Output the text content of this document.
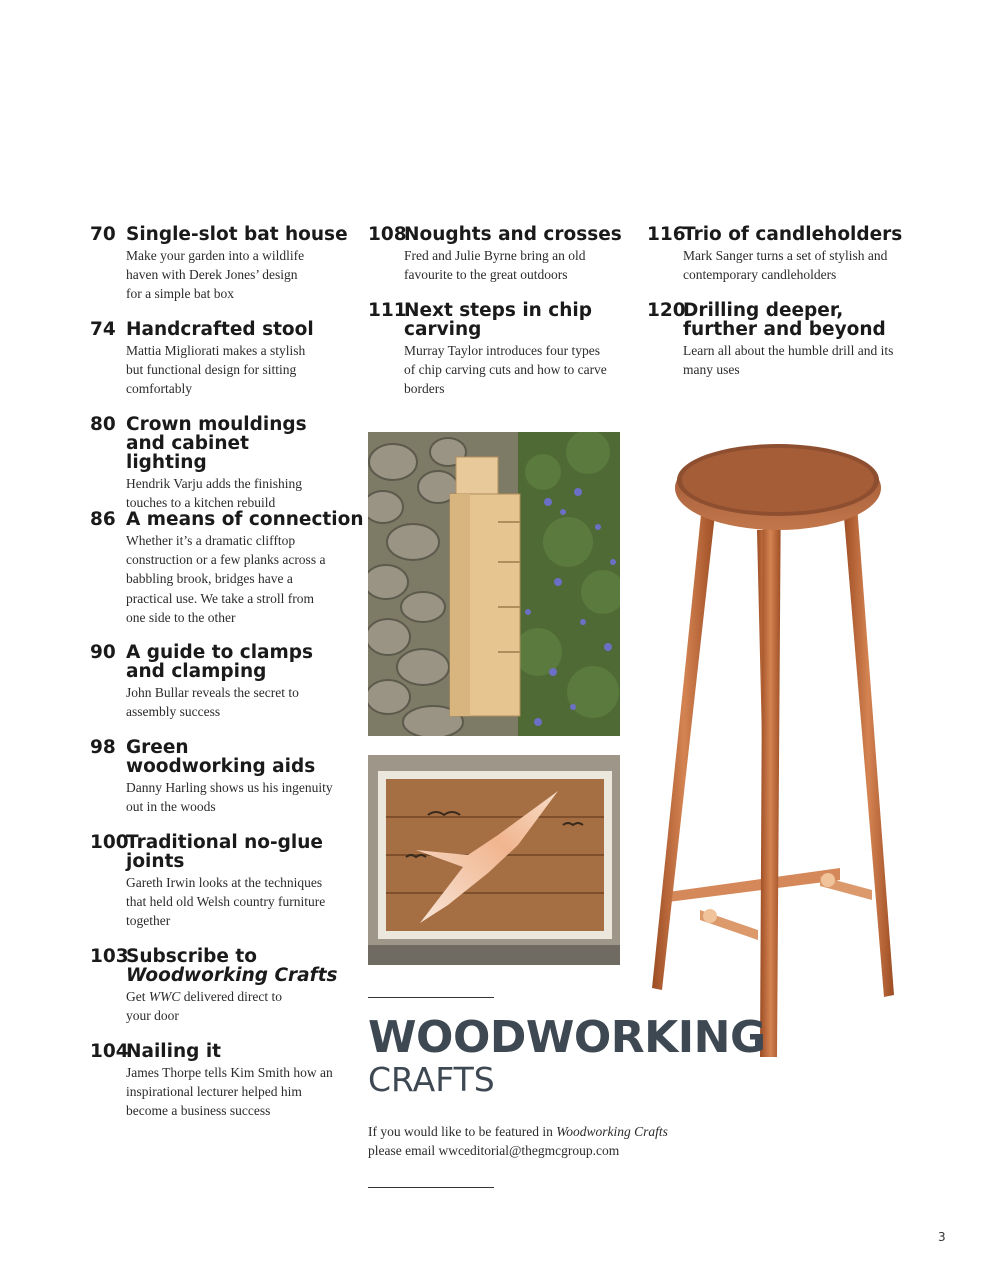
70 Single-slot bat house
Make your garden into a wildlife haven with Derek Jones’ design for a simple bat box
74 Handcrafted stool
Mattia Migliorati makes a stylish but functional design for sitting comfortably
80 Crown mouldings and cabinet lighting
Hendrik Varju adds the finishing touches to a kitchen rebuild
86 A means of connection
Whether it’s a dramatic clifftop construction or a few planks across a babbling brook, bridges have a practical use. We take a stroll from one side to the other
90 A guide to clamps and clamping
John Bullar reveals the secret to assembly success
98 Green woodworking aids
Danny Harling shows us his ingenuity out in the woods
100
Traditional no-glue joints
Gareth Irwin looks at the techniques that held old Welsh country furniture together
103
Subscribe to
Woodworking Crafts
Get WWC delivered direct to your door
104
Nailing it
James Thorpe tells Kim Smith how an inspirational lecturer helped him become a business success
108
Noughts and crosses
Fred and Julie Byrne bring an old favourite to the great outdoors
111
Next steps in chip carving
Murray Taylor introduces four types of chip carving cuts and how to carve borders
116
Trio of candleholders
Mark Sanger turns a set of stylish and contemporary candleholders
120
Drilling deeper, further and beyond
Learn all about the humble drill and its many uses
WOODWORKING
CRAFTS
If you would like to be featured in Woodworking Crafts
please email wwceditorial@thegmcgroup.com
3
